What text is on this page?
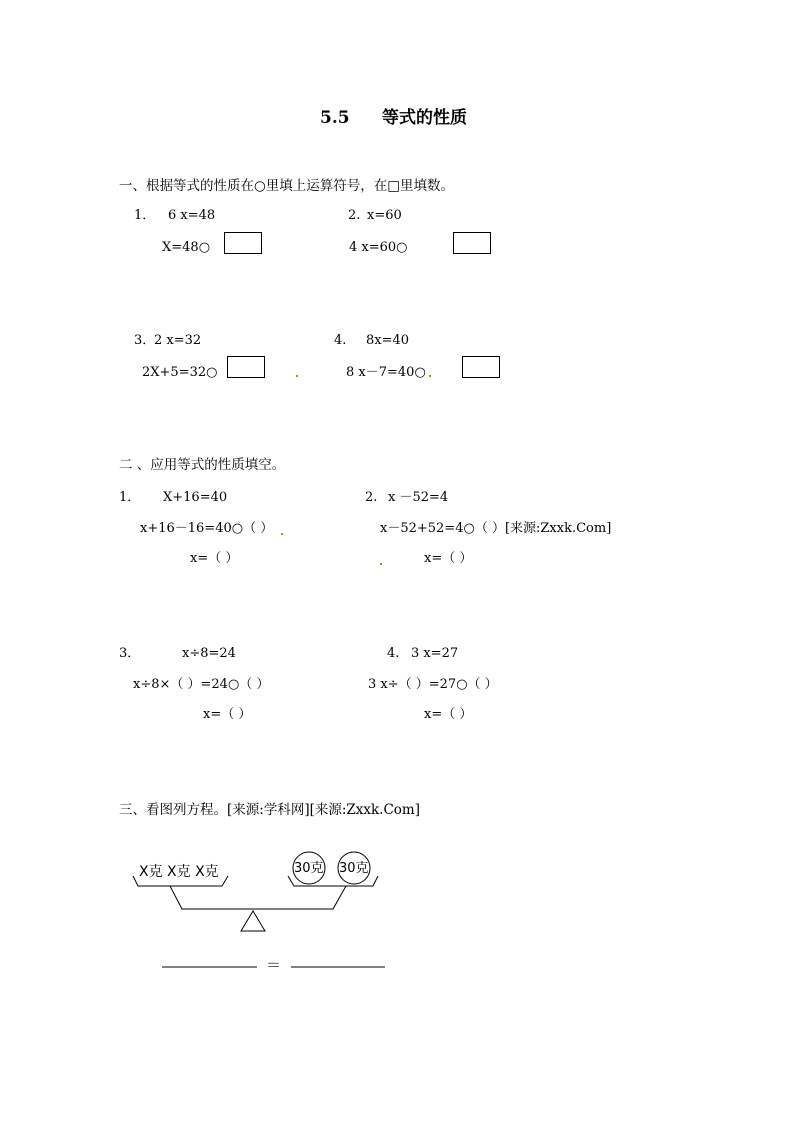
5.5 等式的性质
一、根据等式的性质在○里填上运算符号，在□里填数。
1． 6 x=48
X=48○
2. x=60
4 x=60○
3．
2 x=32
2X+5=32○
4. 8x=40
8 x－7=40○
二 、应用等式的性质填空。
1． X+16=40
x+16－16=40○（ ）
x=（ ）
2. x －52=4
x－52+52=4○（ ）[来源:Zxxk.Com]
x=（ ）
3．	x÷8=24
x÷8×（ ）=24○（ ）
x=（ ）
4. 3 x=27
3 x÷（ ）=27○（ ）
x=（ ）
三、看图列方程。[来源:学科网][来源:Zxxk.Com]
X克 X克 X克	30克 30克
＝
